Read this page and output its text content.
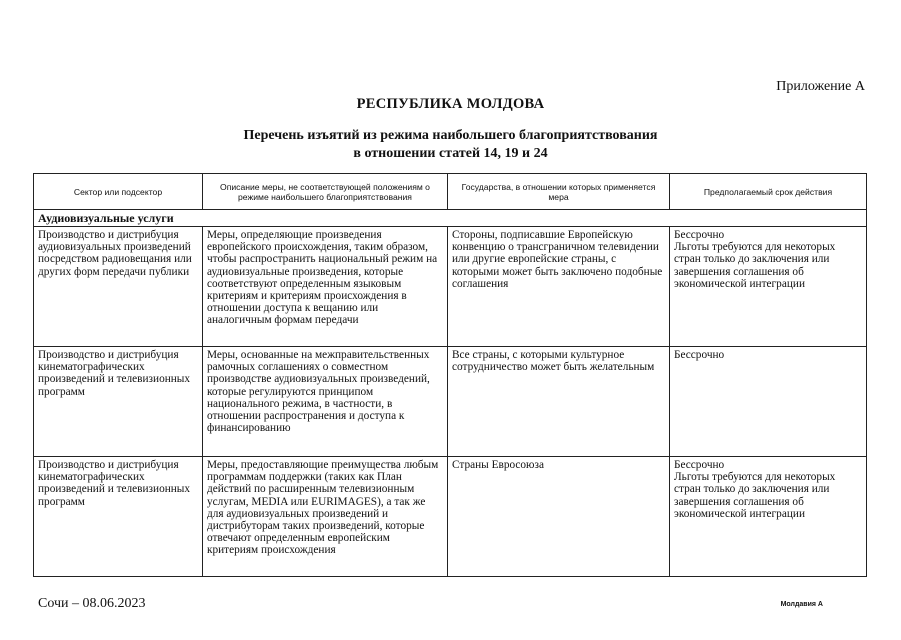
Приложение А
РЕСПУБЛИКА МОЛДОВА
Перечень изъятий из режима наибольшего благоприятствования
в отношении статей 14, 19 и 24
Сектор или подсектор	Описание меры, не соответствующей положениям о режиме наибольшего благоприятствования	Государства, в отношении которых применяется мера	Предполагаемый срок действия
Аудиовизуальные услуги			
Производство и дистрибуция аудиовизуальных произведений посредством радиовещания или других форм передачи публики	Меры, определяющие произведения европейского происхождения, таким образом, чтобы распространить национальный режим на аудиовизуальные произведения, которые соответствуют определенным языковым критериям и критериям происхождения в отношении доступа к вещанию или аналогичным формам передачи	Стороны, подписавшие Европейскую конвенцию о трансграничном телевидении или другие европейские страны, с которыми может быть заключено подобные соглашения	Бессрочно
Льготы требуются для некоторых стран только до заключения или завершения соглашения об экономической интеграции

Производство и дистрибуция кинематографических произведений и телевизионных программ	Меры, основанные на межправительственных рамочных соглашениях о совместном производстве аудиовизуальных произведений, которые регулируются принципом национального режима, в частности, в отношении распространения и доступа к финансированию	Все страны, с которыми культурное сотрудничество может быть желательным	Бессрочно

Производство и дистрибуция кинематографических произведений и телевизионных программ	Меры, предоставляющие преимущества любым программам поддержки (таких как План действий по расширенным телевизионным услугам, MEDIA или EURIMAGES), а так же для аудиовизуальных произведений и дистрибуторам таких произведений, которые отвечают определенным европейским критериям происхождения	Страны Евросоюза	Бессрочно
Льготы требуются для некоторых стран только до заключения или завершения соглашения об экономической интеграции
Сочи – 08.06.2023	Молдавия А
